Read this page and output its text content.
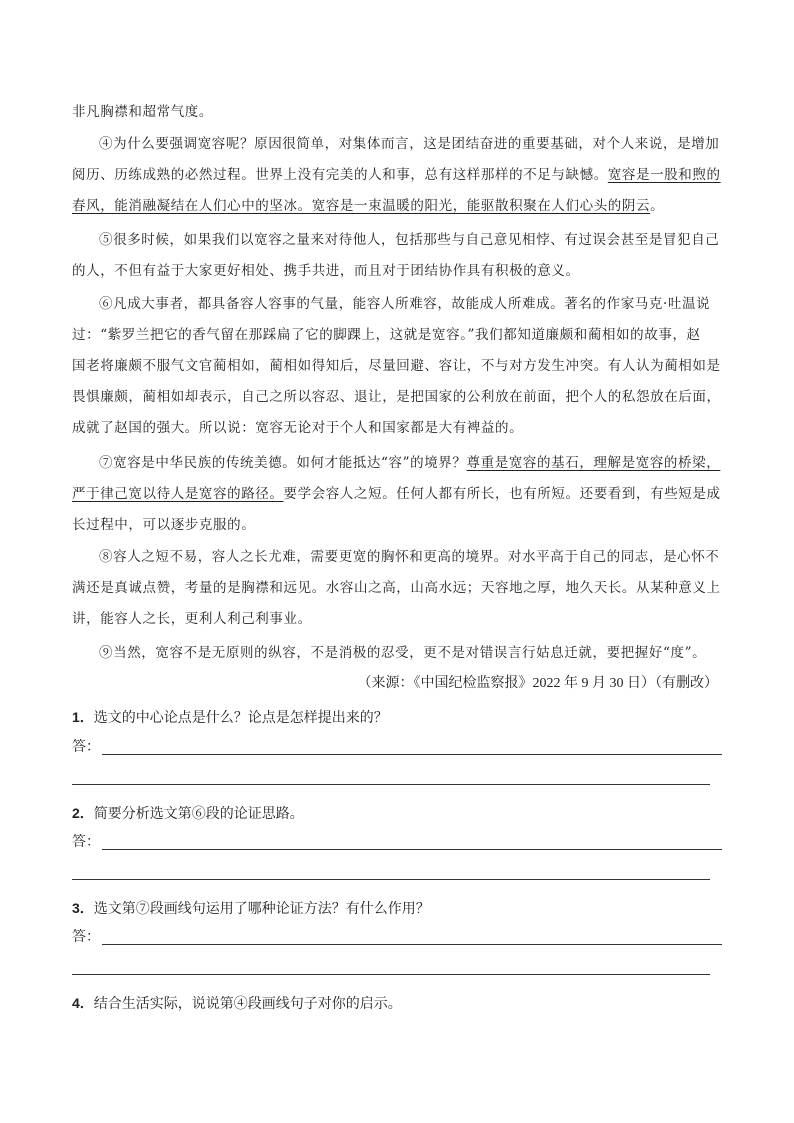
非凡胸襟和超常气度。
④为什么要强调宽容呢？原因很简单，对集体而言，这是团结奋进的重要基础，对个人来说，是增加
阅历、历练成熟的必然过程。世界上没有完美的人和事，总有这样那样的不足与缺憾。宽容是一股和煦的
春风，能消融凝结在人们心中的坚冰。宽容是一束温暖的阳光，能驱散积聚在人们心头的阴云。
⑤很多时候，如果我们以宽容之量来对待他人，包括那些与自己意见相悖、有过误会甚至是冒犯自己
的人，不但有益于大家更好相处、携手共进，而且对于团结协作具有积极的意义。
⑥凡成大事者，都具备容人容事的气量，能容人所难容，故能成人所难成。著名的作家马克·吐温说
过：“紫罗兰把它的香气留在那踩扁了它的脚踝上，这就是宽容。”我们都知道廉颇和蔺相如的故事，赵
国老将廉颇不服气文官蔺相如，蔺相如得知后，尽量回避、容让，不与对方发生冲突。有人认为蔺相如是
畏惧廉颇，蔺相如却表示，自己之所以容忍、退让，是把国家的公利放在前面，把个人的私怨放在后面，
成就了赵国的强大。所以说：宽容无论对于个人和国家都是大有裨益的。
⑦宽容是中华民族的传统美德。如何才能抵达“容”的境界？尊重是宽容的基石，理解是宽容的桥梁，
严于律己宽以待人是宽容的路径。要学会容人之短。任何人都有所长，也有所短。还要看到，有些短是成
长过程中，可以逐步克服的。
⑧容人之短不易，容人之长尤难，需要更宽的胸怀和更高的境界。对水平高于自己的同志，是心怀不
满还是真诚点赞，考量的是胸襟和远见。水容山之高，山高水远；天容地之厚，地久天长。从某种意义上
讲，能容人之长，更利人利己利事业。
⑨当然，宽容不是无原则的纵容，不是消极的忍受，更不是对错误言行姑息迁就，要把握好“度”。
（来源：《中国纪检监察报》2022 年 9 月 30 日）（有删改）
1．选文的中心论点是什么？论点是怎样提出来的？
答：
2．简要分析选文第⑥段的论证思路。
答：
3．选文第⑦段画线句运用了哪种论证方法？有什么作用？
答：
4．结合生活实际，说说第④段画线句子对你的启示。
